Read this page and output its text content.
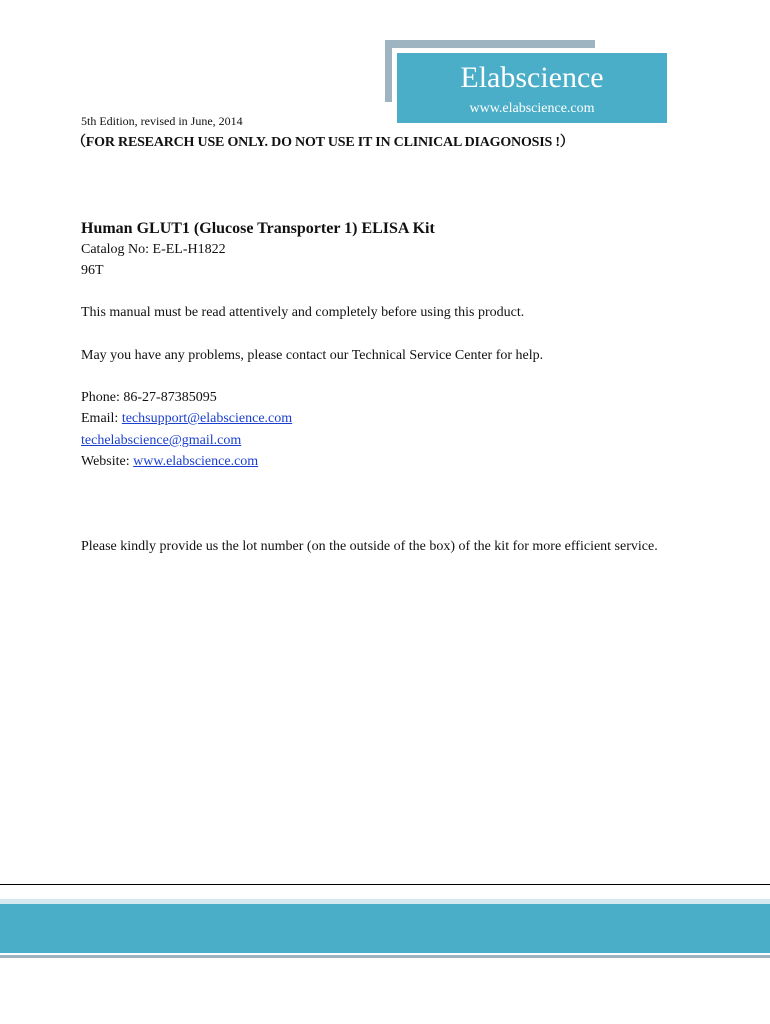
Elabscience
www.elabscience.com
5th Edition, revised in June, 2014
（FOR RESEARCH USE ONLY. DO NOT USE IT IN CLINICAL DIAGONOSIS !）
Human GLUT1 (Glucose Transporter 1) ELISA Kit
Catalog No: E-EL-H1822
96T
This manual must be read attentively and completely before using this product.
May you have any problems, please contact our Technical Service Center for help.
Phone: 86-27-87385095
Email: techsupport@elabscience.com
techelabscience@gmail.com
Website: www.elabscience.com
Please kindly provide us the lot number (on the outside of the box) of the kit for more efficient service.
